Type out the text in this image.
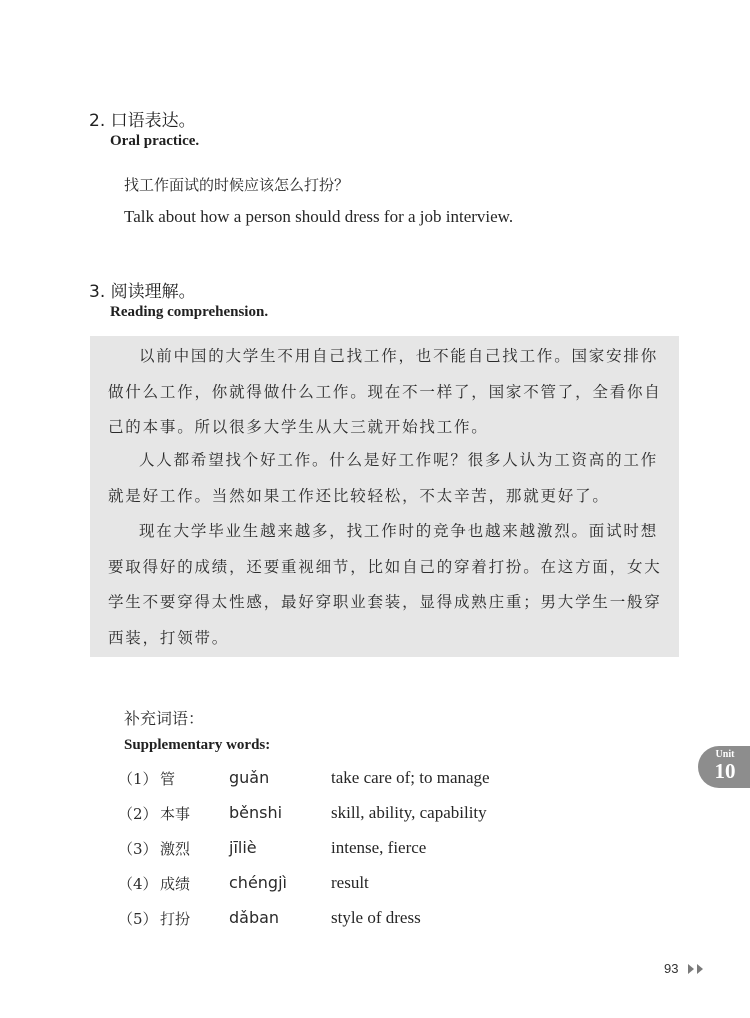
2. 口语表达。
Oral practice.
找工作面试的时候应该怎么打扮？
Talk about how a person should dress for a job interview.
3. 阅读理解。
Reading comprehension.

以前中国的大学生不用自己找工作，也不能自己找工作。国家安排你做什么工作，你就得做什么工作。现在不一样了，国家不管了，全看你自己的本事。所以很多大学生从大三就开始找工作。

人人都希望找个好工作。什么是好工作呢？很多人认为工资高的工作就是好工作。当然如果工作还比较轻松，不太辛苦，那就更好了。

现在大学毕业生越来越多，找工作时的竞争也越来越激烈。面试时想要取得好的成绩，还要重视细节，比如自己的穿着打扮。在这方面，女大学生不要穿得太性感，最好穿职业套装，显得成熟庄重；男大学生一般穿西装，打领带。

补充词语：
Supplementary words:
（1） 管	guǎn	take care of; to manage
（2） 本事 běnshi	skill, ability, capability
（3） 激烈 jīliè	intense, fierce
（4） 成绩 chéngjì	result
（5） 打扮 dǎban	style of dress
Unit
10
93
